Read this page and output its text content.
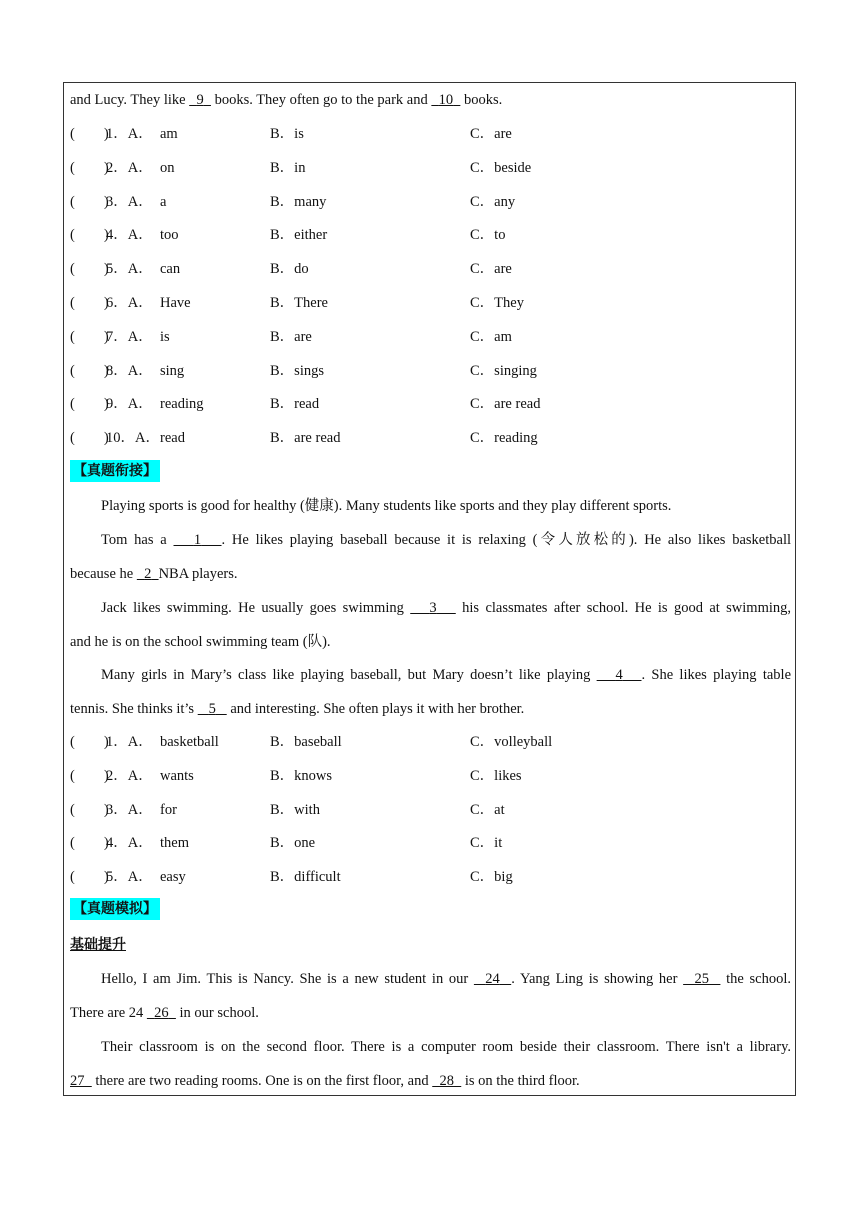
and Lucy. They like   9   books. They often go to the park and   10   books.
(        )
1．A． am	B．is	C．are
(        )
2．A． on	B．in	C．beside
(        )
3．A． a	B．many	C．any
(        )
4．A． too	B．either	C．to
(        )
5．A． can	B．do	C．are
(        )
6．A． Have	B．There	C．They
(        )
7．A． is	B．are	C．am
(        )
8．A． sing	B．sings	C．singing
(        )
9．A． reading	B．read	C．are read
(        )
10．A． read	B．are read	C．reading
【真题衔接】
Playing sports is good for healthy (健康). Many students like sports and they play different sports.
Tom has a    1 . He likes playing baseball because it is relaxing (令人放松的). He also likes basketball
because he   2 NBA players.
Jack likes swimming. He usually goes swimming    3    his classmates after school. He is good at swimming,
and he is on the school swimming team (队).
Many girls in Mary’s class like playing baseball, but Mary doesn’t like playing    4 . She likes playing table
tennis. She thinks it’s    5    and interesting. She often plays it with her brother.
(        )
1．A． basketball	B．baseball	C．volleyball
(        )
2．A． wants	B．knows	C．likes
(        )
3．A． for	B．with	C．at
(        )
4．A． them	B．one	C．it
(        )
5．A． easy	B．difficult	C．big
【真题模拟】
基础提升
Hello, I am Jim. This is Nancy. She is a new student in our   24 . Yang Ling is showing her   25   the school.
There are 24   26   in our school.
Their classroom is on the second floor. There is a computer room beside their classroom. There isn't a library.
27   there are two reading rooms. One is on the first floor, and   28   is on the third floor.
